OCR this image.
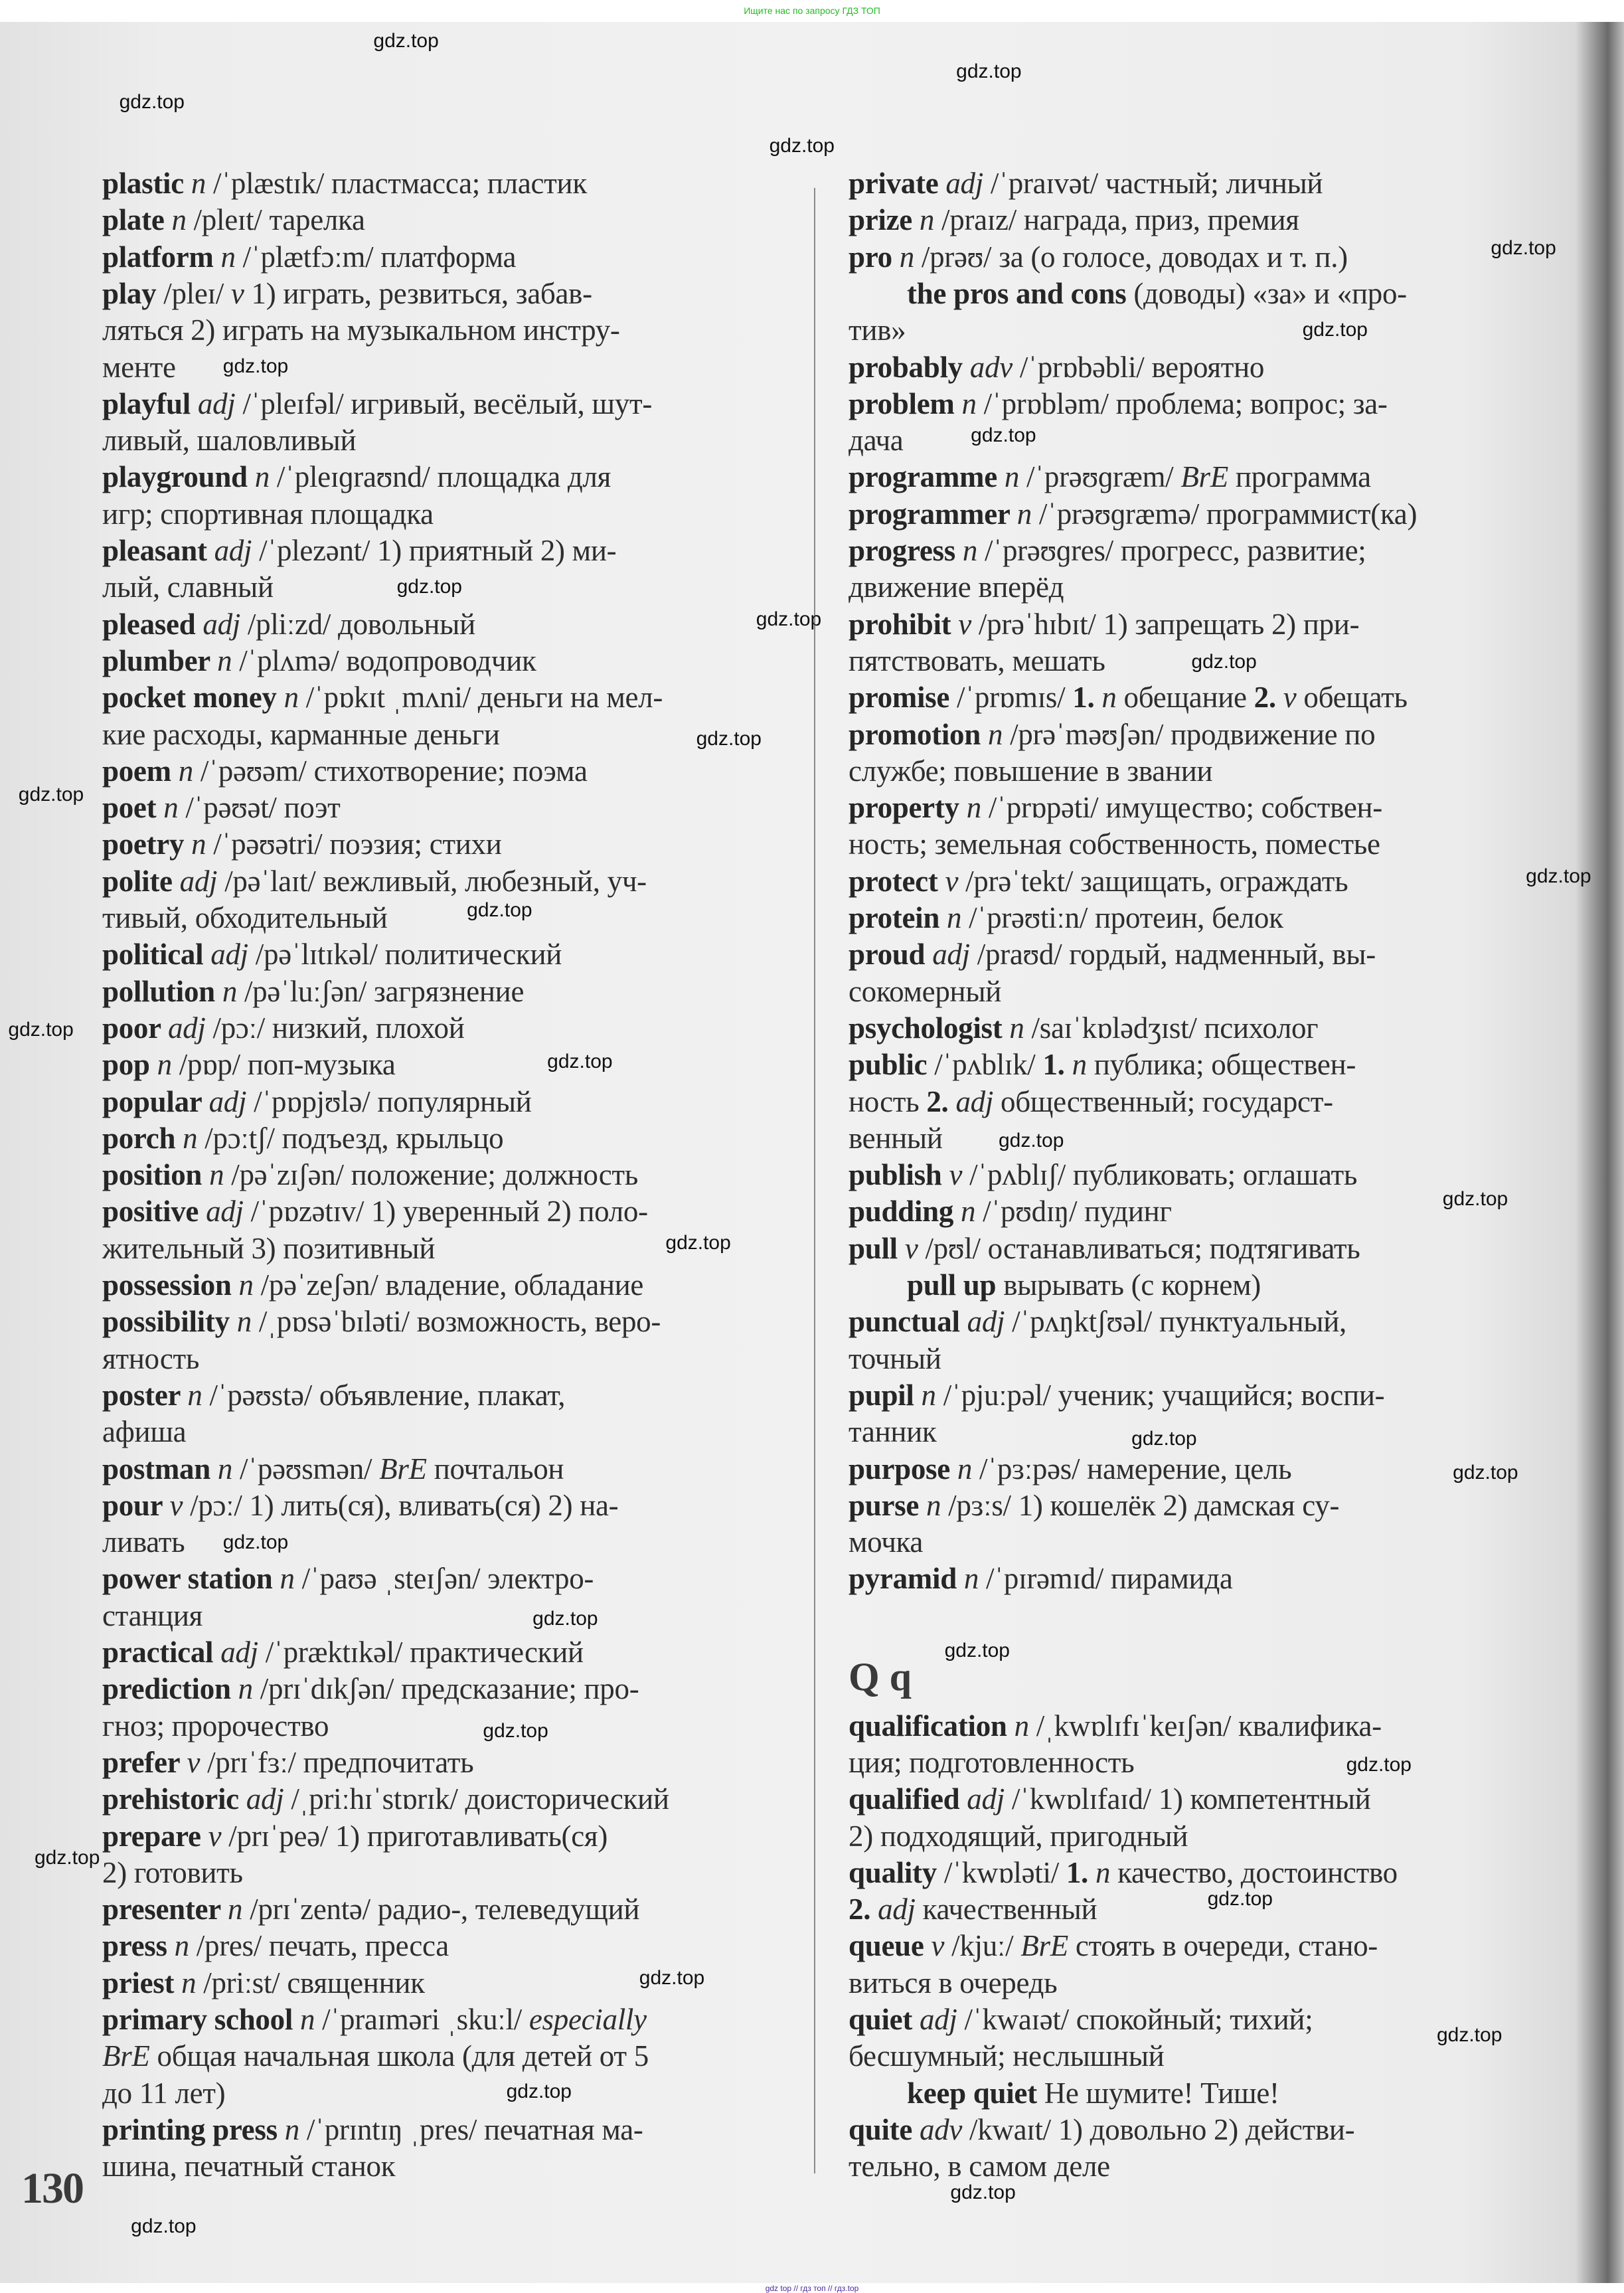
Ищите нас по запросу ГДЗ ТОП
plastic n /ˈplæstɪk/ пластмасса; пластик
plate n /pleɪt/ тарелка
platform n /ˈplætfɔːm/ платформа
play /pleɪ/ v 1) играть, резвиться, забав-
ляться 2) играть на музыкальном инстру-
менте
playful adj /ˈpleɪfəl/ игривый, весёлый, шут-
ливый, шаловливый
playground n /ˈpleɪɡraʊnd/ площадка для
игр; спортивная площадка
pleasant adj /ˈplezənt/ 1) приятный 2) ми-
лый, славный
pleased adj /pliːzd/ довольный
plumber n /ˈplʌmə/ водопроводчик
pocket money n /ˈpɒkɪt ˌmʌni/ деньги на мел-
кие расходы, карманные деньги
poem n /ˈpəʊəm/ стихотворение; поэма
poet n /ˈpəʊət/ поэт
poetry n /ˈpəʊətri/ поэзия; стихи
polite adj /pəˈlaɪt/ вежливый, любезный, уч-
тивый, обходительный
political adj /pəˈlɪtɪkəl/ политический
pollution n /pəˈluːʃən/ загрязнение
poor adj /pɔː/ низкий, плохой
pop n /pɒp/ поп-музыка
popular adj /ˈpɒpjʊlə/ популярный
porch n /pɔːtʃ/ подъезд, крыльцо
position n /pəˈzɪʃən/ положение; должность
positive adj /ˈpɒzətɪv/ 1) уверенный 2) поло-
жительный 3) позитивный
possession n /pəˈzeʃən/ владение, обладание
possibility n /ˌpɒsəˈbɪləti/ возможность, веро-
ятность
poster n /ˈpəʊstə/ объявление, плакат,
афиша
postman n /ˈpəʊsmən/ BrE почтальон
pour v /pɔː/ 1) лить(ся), вливать(ся) 2) на-
ливать
power station n /ˈpaʊə ˌsteɪʃən/ электро-
станция
practical adj /ˈpræktɪkəl/ практический
prediction n /prɪˈdɪkʃən/ предсказание; про-
гноз; пророчество
prefer v /prɪˈfɜː/ предпочитать
prehistoric adj /ˌpriːhɪˈstɒrɪk/ доисторический
prepare v /prɪˈpeə/ 1) приготавливать(ся)
2) готовить
presenter n /prɪˈzentə/ радио-, телеведущий
press n /pres/ печать, пресса
priest n /priːst/ священник
primary school n /ˈpraɪməri ˌskuːl/ especially
BrE общая начальная школа (для детей от 5
до 11 лет)
printing press n /ˈprɪntɪŋ ˌpres/ печатная ма-
шина, печатный станок
Q q
private adj /ˈpraɪvət/ частный; личный
prize n /praɪz/ награда, приз, премия
pro n /prəʊ/ за (о голосе, доводах и т. п.)
the pros and cons (доводы) «за» и «про-
тив»
probably adv /ˈprɒbəbli/ вероятно
problem n /ˈprɒbləm/ проблема; вопрос; за-
дача
programme n /ˈprəʊɡræm/ BrE программа
programmer n /ˈprəʊɡræmə/ программист(ка)
progress n /ˈprəʊɡres/ прогресс, развитие;
движение вперёд
prohibit v /prəˈhɪbɪt/ 1) запрещать 2) при-
пятствовать, мешать
promise /ˈprɒmɪs/ 1. n обещание 2. v обещать
promotion n /prəˈməʊʃən/ продвижение по
службе; повышение в звании
property n /ˈprɒpəti/ имущество; собствен-
ность; земельная собственность, поместье
protect v /prəˈtekt/ защищать, ограждать
protein n /ˈprəʊtiːn/ протеин, белок
proud adj /praʊd/ гордый, надменный, вы-
сокомерный
psychologist n /saɪˈkɒlədʒɪst/ психолог
public /ˈpʌblɪk/ 1. n публика; обществен-
ность 2. adj общественный; государст-
венный
publish v /ˈpʌblɪʃ/ публиковать; оглашать
pudding n /ˈpʊdɪŋ/ пудинг
pull v /pʊl/ останавливаться; подтягивать
pull up вырывать (с корнем)
punctual adj /ˈpʌŋktʃʊəl/ пунктуальный,
точный
pupil n /ˈpjuːpəl/ ученик; учащийся; воспи-
танник
purpose n /ˈpɜːpəs/ намерение, цель
purse n /pɜːs/ 1) кошелёк 2) дамская су-
мочка
pyramid n /ˈpɪrəmɪd/ пирамида
qualification n /ˌkwɒlɪfɪˈkeɪʃən/ квалифика-
ция; подготовленность
qualified adj /ˈkwɒlɪfaɪd/ 1) компетентный
2) подходящий, пригодный
quality /ˈkwɒləti/ 1. n качество, достоинство
2. adj качественный
queue v /kjuː/ BrE стоять в очереди, стано-
виться в очередь
quiet adj /ˈkwaɪət/ спокойный; тихий;
бесшумный; неслышный
keep quiet Не шумите! Тише!
quite adv /kwaɪt/ 1) довольно 2) действи-
тельно, в самом деле
130
gdz top // гдз топ // гдз.top
gdz.top
gdz.top
gdz.top
gdz.top
gdz.top
gdz.top
gdz.top
gdz.top
gdz.top
gdz.top
gdz.top
gdz.top
gdz.top
gdz.top
gdz.top
gdz.top
gdz.top
gdz.top
gdz.top
gdz.top
gdz.top
gdz.top
gdz.top
gdz.top
gdz.top
gdz.top
gdz.top
gdz.top
gdz.top
gdz.top
gdz.top
gdz.top
gdz.top
gdz.top
